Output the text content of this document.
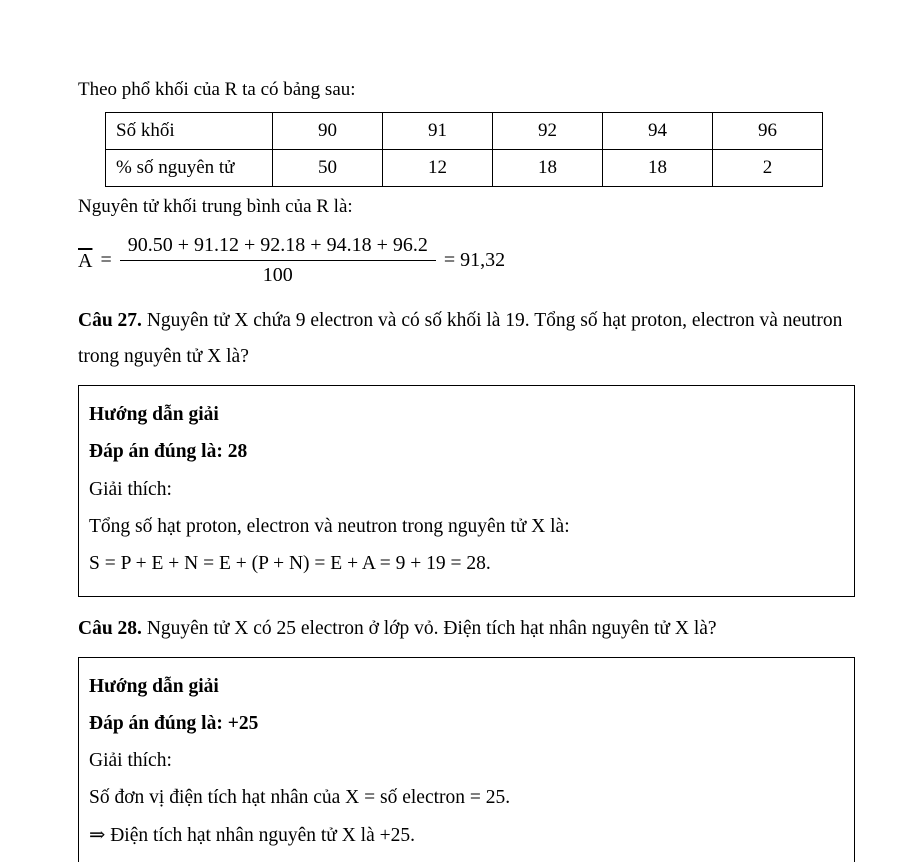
Theo phổ khối của R ta có bảng sau:

Số khối	90	91	92	94	96
% số nguyên tử	50	12	18	18	2

Nguyên tử khối trung bình của R là:

$\overline{A} = \frac{90.50 + 91.12 + 92.18 + 94.18 + 96.2}{100} = 91,32$

Câu 27. Nguyên tử X chứa 9 electron và có số khối là 19. Tổng số hạt proton, electron và neutron trong nguyên tử X là?

Hướng dẫn giải

Đáp án đúng là: 28

Giải thích:

Tổng số hạt proton, electron và neutron trong nguyên tử X là:

S = P + E + N = E + (P + N) = E + A = 9 + 19 = 28.

Câu 28. Nguyên tử X có 25 electron ở lớp vỏ. Điện tích hạt nhân nguyên tử X là?

Hướng dẫn giải

Đáp án đúng là: +25

Giải thích:

Số đơn vị điện tích hạt nhân của X = số electron = 25.

⇒ Điện tích hạt nhân nguyên tử X là +25.
